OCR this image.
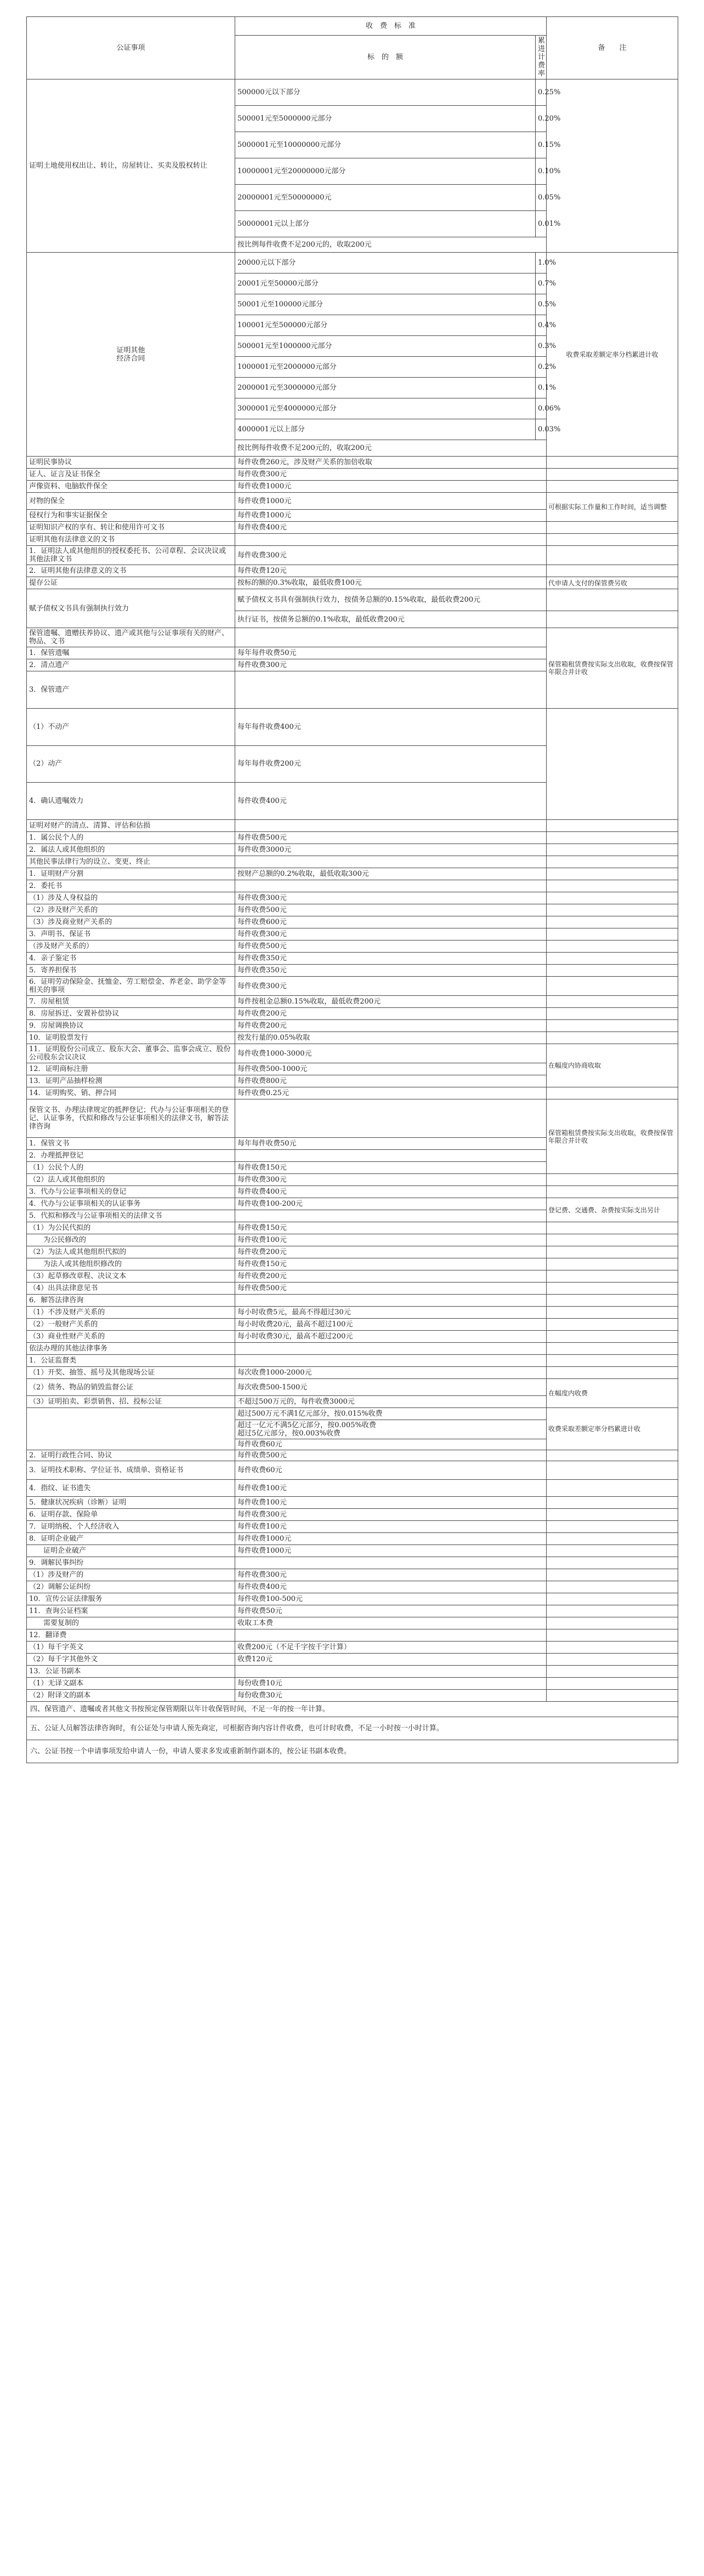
公证事项	收　费　标　准		备　　注	
	标　的　额	累进计费率		
证明土地使用权出让、转让，房屋转让、买卖及股权转让	500000元以下部分	0.25%		
	500001元至5000000元部分	0.20%		
	5000001元至10000000元部分	0.15%		
	10000001元至20000000元部分	0.10%		
	20000001元至50000000元	0.05%		
	50000001元以上部分	0.01%		
	按比例每件收费不足200元的，收取200元			
证明其他
经济合同	20000元以下部分	1.0%	收费采取差额定率分档累进计收	
	20001元至50000元部分	0.7%		
	50001元至100000元部分	0.5%		
	100001元至500000元部分	0.4%		
	500001元至1000000元部分	0.3%		
	1000001元至2000000元部分	0.2%		
	2000001元至3000000元部分	0.1%		
	3000001元至4000000元部分	0.06%		
	4000001元以上部分	0.03%		
	按比例每件收费不足200元的，收取200元			
证明民事协议	每件收费260元，涉及财产关系的加倍收取			
证人、证言及证书保全	每件收费300元			
声像资料、电脑软件保全	每件收费1000元			
对物的保全	每件收费1000元		可根据实际工作量和工作时间，适当调整	
侵权行为和事实证据保全	每件收费1000元			
证明知识产权的享有、转让和使用许可文书	每件收费400元			
证明其他有法律意义的文书				
1．证明法人或其他组织的授权委托书、公司章程、会议决议或其他法律文书	每件收费300元			
2．证明其他有法律意义的文书	每件收费120元			
提存公证	按标的额的0.3%收取，最低收费100元		代申请人支付的保管费另收	
赋予债权文书具有强制执行效力	赋予债权文书具有强制执行效力，按债务总额的0.15%收取，最低收费200元			
	执行证书，按债务总额的0.1%收取，最低收费200元			
保管遗嘱、遗赠扶养协议、遗产或其他与公证事项有关的财产、物品、文书			保管箱租赁费按实际支出收取，收费按保管年限合并计收	
1．保管遗嘱	每年每件收费50元			
2．清点遗产	每件收费300元			
3．保管遗产		
（1）不动产	每年每件收费400元			
（2）动产	每年每件收费200元			
4．确认遗嘱效力	每件收费400元			
证明对财产的清点、清算、评估和估损				
1．属公民个人的	每件收费500元			
2．属法人或其他组织的	每件收费3000元			
其他民事法律行为的设立、变更、终止				
1．证明财产分割	按财产总额的0.2%收取，最低收取300元			
2．委托书				
（1）涉及人身权益的	每件收费300元			
（2）涉及财产关系的	每件收费500元			
（3）涉及商业财产关系的	每件收费600元			
3．声明书、保证书	每件收费300元			
（涉及财产关系的）	每件收费500元			
4．亲子鉴定书	每件收费350元			
5．寄养担保书	每件收费350元			
6．证明劳动保险金、抚恤金、劳工赔偿金、养老金、助学金等相关的事项	每件收费300元			
7．房屋租赁	每件按租金总额0.15%收取，最低收费200元			
8．房屋拆迁、安置补偿协议	每件收费200元			
9．房屋调换协议	每件收费200元			
10．证明股票发行	按发行量的0.05%收取			
11．证明股份公司成立、股东大会、董事会、监事会成立、股份公司股东会议决议	每件收费1000-3000元		在幅度内协商收取	
12．证明商标注册	每件收费500-1000元			
13．证明产品抽样检测	每件收费800元			
14．证明购奖、销、押合同	每件收费0.25元			
保管文书、办理法律规定的抵押登记；代办与公证事项相关的登记、认证事务，代拟和修改与公证事项相关的法律文书，解答法律咨询			保管箱租赁费按实际支出收取，收费按保管年限合并计收	
1．保管文书	每年每件收费50元			
2．办理抵押登记				
（1）公民个人的	每件收费150元			
（2）法人或其他组织的	每件收费300元			
3．代办与公证事项相关的登记	每件收费400元			
4．代办与公证事项相关的认证事务	每件收费100-200元		登记费、交通费、杂费按实际支出另计	
5．代拟和修改与公证事项相关的法律文书				
（1）为公民代拟的	每件收费150元			
　　为公民修改的	每件收费100元			
（2）为法人或其他组织代拟的	每件收费200元			
　　为法人或其他组织修改的	每件收费150元			
（3）起草修改章程、决议文本	每件收费200元			
（4）出具法律意见书	每件收费500元			
6．解答法律咨询				
（1）不涉及财产关系的	每小时收费5元，最高不得超过30元			
（2）一般财产关系的	每小时收费20元，最高不超过100元			
（3）商业性财产关系的	每小时收费30元，最高不超过200元			
依法办理的其他法律事务				
1．公证监督类				
（1）开奖、抽签、摇号及其他现场公证	每次收费1000-2000元			
（2）债务、物品的销毁监督公证	每次收费500-1500元		在幅度内收费	
（3）证明拍卖、彩票销售、招、投标公证	不超过500万元的，每件收费3000元			
	超过500万元不满1亿元部分，按0.015%收费		收费采取差额定率分档累进计收	
	超过一亿元不满5亿元部分，按0.005%收费
超过5亿元部分，按0.003%收费			
	每件收费60元			
2．证明行政性合同、协议	每件收费500元			
3．证明技术职称、学位证书、成绩单、资格证书	每件收费60元			
4．指纹、证书遗失	每件收费100元			
5．健康状况疾病（诊断）证明	每件收费100元			
6．证明存款、保险单	每件收费300元			
7．证明纳税、个人经济收入	每件收费100元			
8．证明企业破产	每件收费1000元			
　　证明企业破产	每件收费1000元			
9．调解民事纠纷				
（1）涉及财产的	每件收费300元			
（2）调解公证纠纷	每件收费400元			
10．宣传公证法律服务	每件收费100-500元			
11．查询公证档案	每件收费50元			
　　需要复制的	收取工本费			
12．翻译费				
（1）每千字英文	收费200元（不足千字按千字计算）			
（2）每千字其他外文	收费120元			
13．公证书副本				
（1）无译文副本	每份收费10元			
（2）附译文的副本	每份收费30元			
四、保管遗产、遗嘱或者其他文书按预定保管期限以年计收保管时间，不足一年的按一年计算。				
五、公证人员解答法律咨询时，有公证处与申请人预先商定，可根据咨询内容计件收费，也可计时收费，不足一小时按一小时计算。				
六、公证书按一个申请事项发给申请人一份，申请人要求多发或重新制作副本的，按公证书副本收费。				
